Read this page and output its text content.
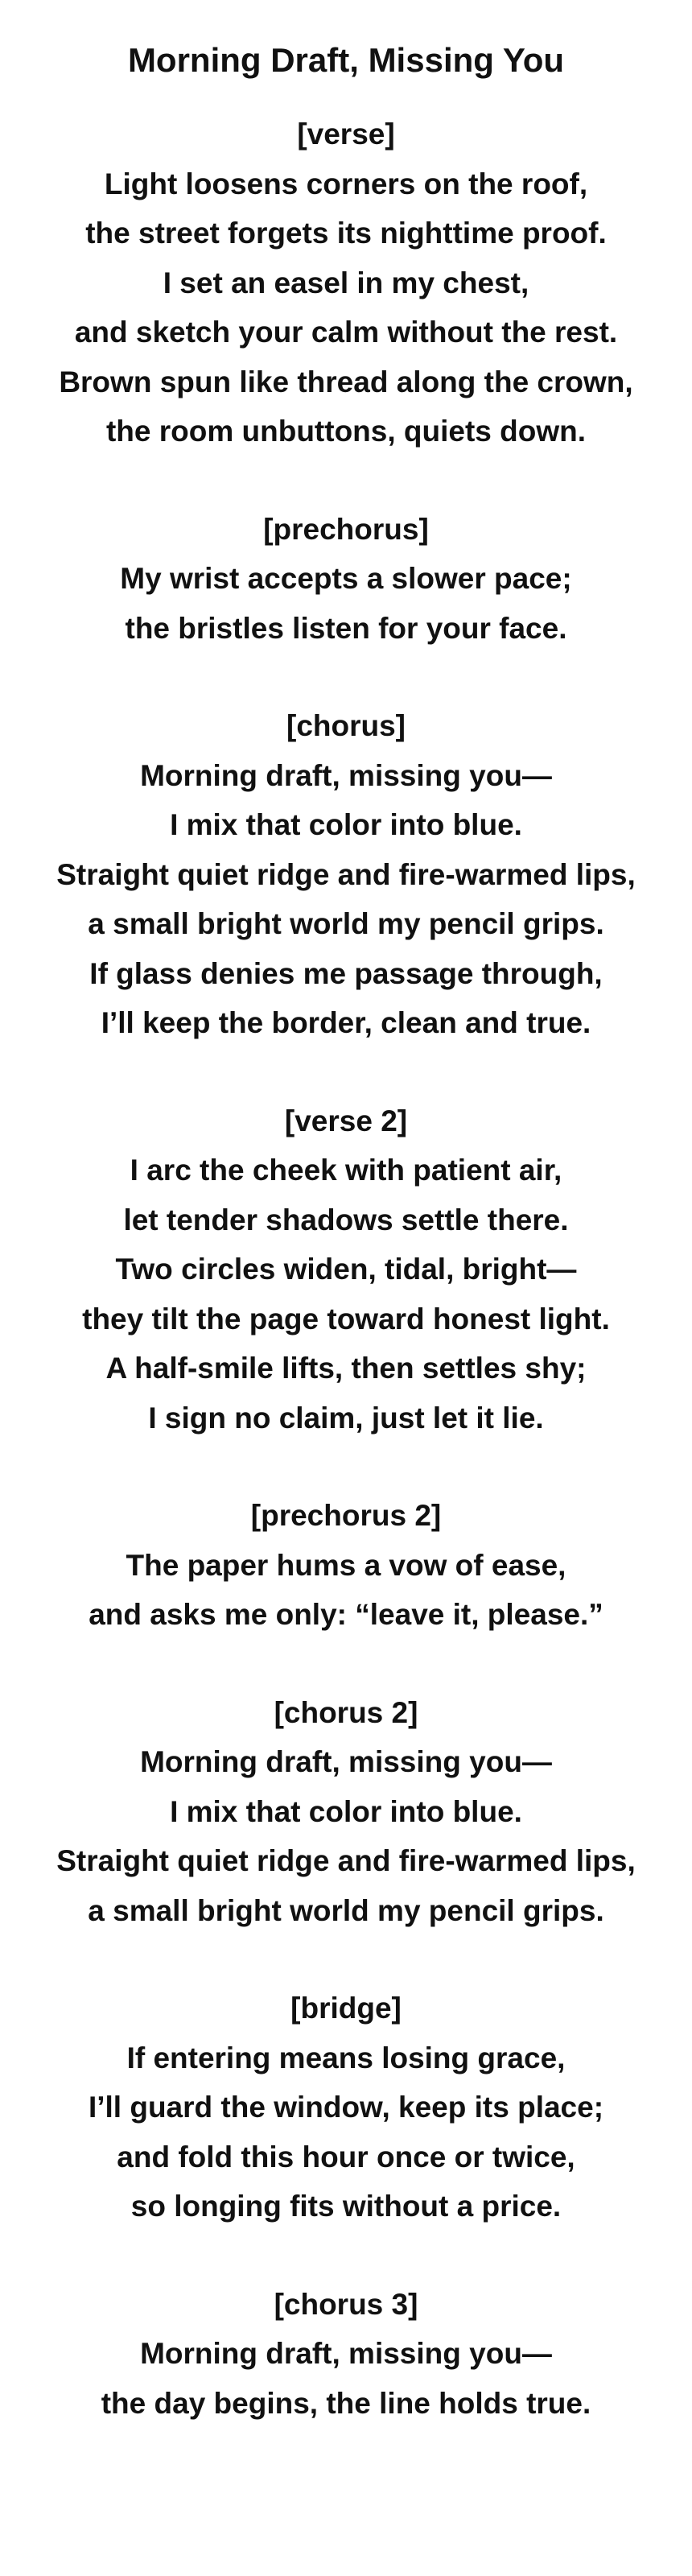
Morning Draft, Missing You
[verse]
Light loosens corners on the roof,
the street forgets its nighttime proof.
I set an easel in my chest,
and sketch your calm without the rest.
Brown spun like thread along the crown,
the room unbuttons, quiets down.
[prechorus]
My wrist accepts a slower pace;
the bristles listen for your face.
[chorus]
Morning draft, missing you—
I mix that color into blue.
Straight quiet ridge and fire-warmed lips,
a small bright world my pencil grips.
If glass denies me passage through,
I’ll keep the border, clean and true.
[verse 2]
I arc the cheek with patient air,
let tender shadows settle there.
Two circles widen, tidal, bright—
they tilt the page toward honest light.
A half-smile lifts, then settles shy;
I sign no claim, just let it lie.
[prechorus 2]
The paper hums a vow of ease,
and asks me only: “leave it, please.”
[chorus 2]
Morning draft, missing you—
I mix that color into blue.
Straight quiet ridge and fire-warmed lips,
a small bright world my pencil grips.
[bridge]
If entering means losing grace,
I’ll guard the window, keep its place;
and fold this hour once or twice,
so longing fits without a price.
[chorus 3]
Morning draft, missing you—
the day begins, the line holds true.
